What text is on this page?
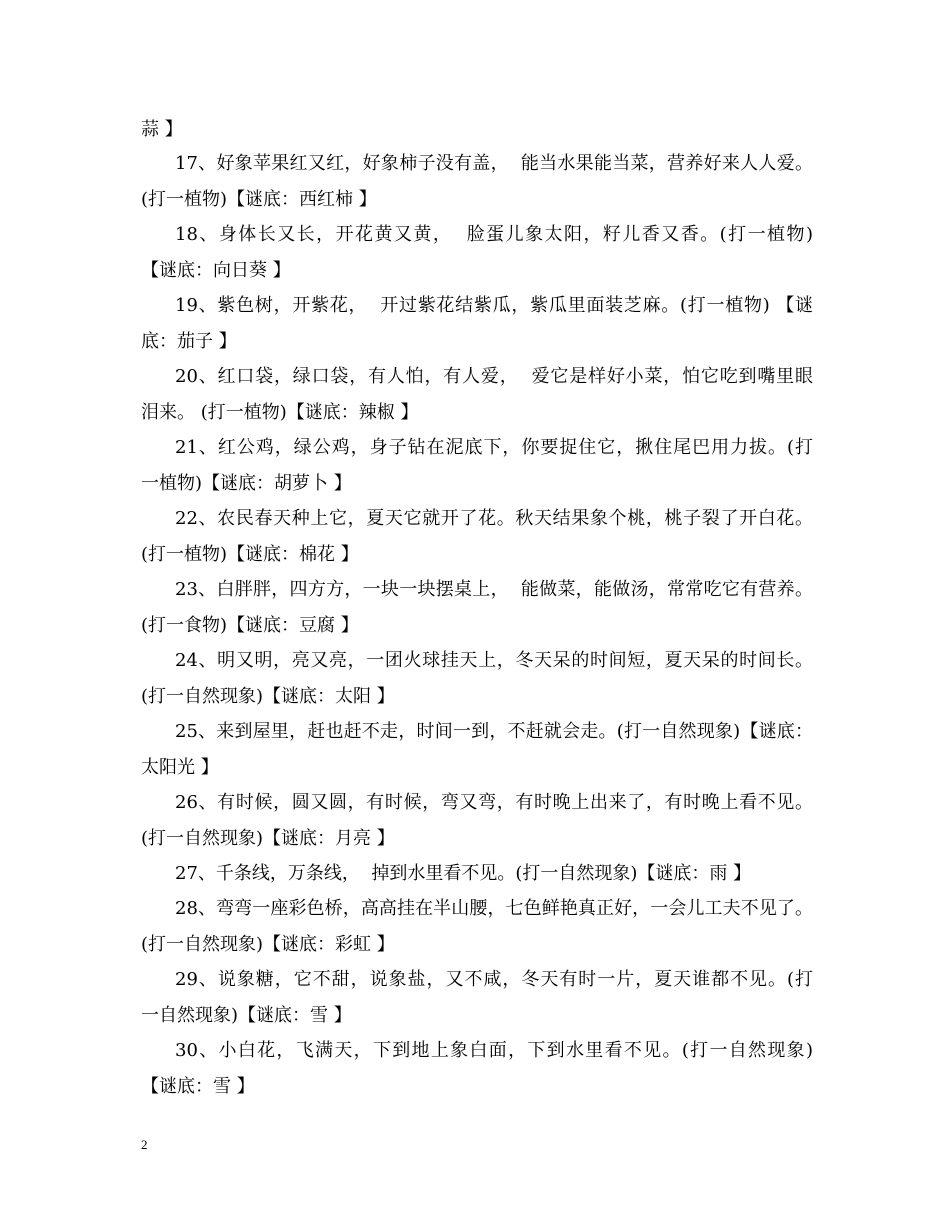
蒜 】
17、好象苹果红又红，好象柿子没有盖，  能当水果能当菜，营养好来人人爱。
(打一植物)【谜底：西红柿 】
18、身体长又长，开花黄又黄，  脸蛋儿象太阳，籽儿香又香。(打一植物)
【谜底：向日葵 】
19、紫色树，开紫花，  开过紫花结紫瓜，紫瓜里面装芝麻。(打一植物) 【谜
底：茄子 】
20、红口袋，绿口袋，有人怕，有人爱，  爱它是样好小菜，怕它吃到嘴里眼
泪来。 (打一植物)【谜底：辣椒 】
21、红公鸡，绿公鸡，身子钻在泥底下，你要捉住它，揪住尾巴用力拔。(打
一植物)【谜底：胡萝卜 】
22、农民春天种上它，夏天它就开了花。秋天结果象个桃，桃子裂了开白花。
(打一植物)【谜底：棉花 】
23、白胖胖，四方方，一块一块摆桌上，  能做菜，能做汤，常常吃它有营养。
(打一食物)【谜底：豆腐 】
24、明又明，亮又亮，一团火球挂天上，冬天呆的时间短，夏天呆的时间长。
(打一自然现象)【谜底：太阳 】
25、来到屋里，赶也赶不走，时间一到，不赶就会走。(打一自然现象)【谜底：
太阳光 】
26、有时候，圆又圆，有时候，弯又弯，有时晚上出来了，有时晚上看不见。
(打一自然现象)【谜底：月亮 】
27、千条线，万条线，  掉到水里看不见。(打一自然现象)【谜底：雨 】
28、弯弯一座彩色桥，高高挂在半山腰，七色鲜艳真正好，一会儿工夫不见了。
(打一自然现象)【谜底：彩虹 】
29、说象糖，它不甜，说象盐，又不咸，冬天有时一片，夏天谁都不见。(打
一自然现象)【谜底：雪 】
30、小白花，飞满天，下到地上象白面，下到水里看不见。(打一自然现象)
【谜底：雪 】
2
